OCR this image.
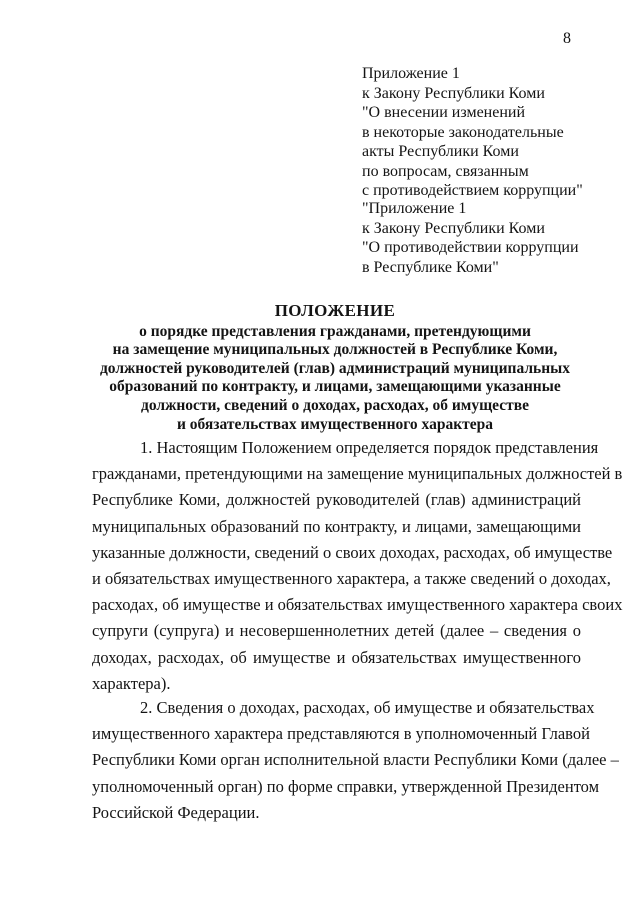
8
Приложение 1
к Закону Республики Коми
"О внесении изменений
в некоторые законодательные
акты Республики Коми
по вопросам, связанным
с противодействием коррупции"
"Приложение 1
к Закону Республики Коми
"О противодействии коррупции
в Республике Коми"
ПОЛОЖЕНИЕ
о порядке представления гражданами, претендующими
на замещение муниципальных должностей в Республике Коми,
должностей руководителей (глав) администраций муниципальных
образований по контракту, и лицами, замещающими указанные
должности, сведений о доходах, расходах, об имуществе
и обязательствах имущественного характера
1. Настоящим Положением определяется порядок представления
гражданами, претендующими на замещение муниципальных должностей в
Республике Коми, должностей руководителей (глав) администраций
муниципальных образований по контракту, и лицами, замещающими
указанные должности, сведений о своих доходах, расходах, об имуществе
и обязательствах имущественного характера, а также сведений о доходах,
расходах, об имуществе и обязательствах имущественного характера своих
супруги (супруга) и несовершеннолетних детей (далее – сведения о
доходах, расходах, об имуществе и обязательствах имущественного
характера).
2. Сведения о доходах, расходах, об имуществе и обязательствах
имущественного характера представляются в уполномоченный Главой
Республики Коми орган исполнительной власти Республики Коми (далее –
уполномоченный орган) по форме справки, утвержденной Президентом
Российской Федерации.
